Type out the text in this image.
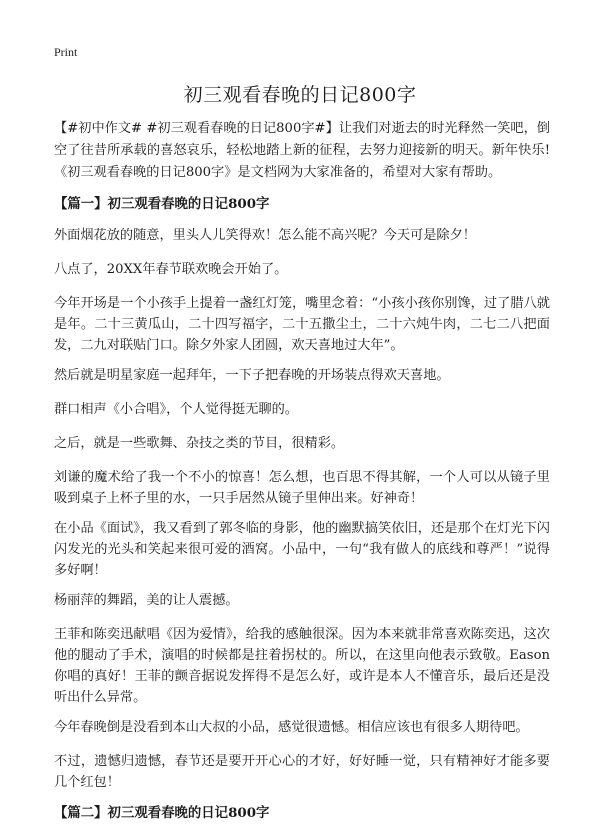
Print
初三观看春晚的日记800字

【#初中作文# #初三观看春晚的日记800字#】让我们对逝去的时光释然一笑吧，倒空了往昔所承载的喜怒哀乐，轻松地踏上新的征程，去努力迎接新的明天。新年快乐!《初三观看春晚的日记800字》是文档网为大家准备的，希望对大家有帮助。

【篇一】初三观看春晚的日记800字

外面烟花放的随意，里头人儿笑得欢！怎么能不高兴呢？今天可是除夕！

八点了，20XX年春节联欢晚会开始了。

今年开场是一个小孩手上提着一盏红灯笼，嘴里念着：“小孩小孩你别馋，过了腊八就是年。二十三黄瓜山，二十四写福字，二十五撒尘土，二十六炖牛肉，二七二八把面发，二九对联贴门口。除夕外家人团圆，欢天喜地过大年”。

然后就是明星家庭一起拜年，一下子把春晚的开场装点得欢天喜地。

群口相声《小合唱》，个人觉得挺无聊的。

之后，就是一些歌舞、杂技之类的节目，很精彩。

刘谦的魔术给了我一个不小的惊喜！怎么想，也百思不得其解，一个人可以从镜子里吸到桌子上杯子里的水，一只手居然从镜子里伸出来。好神奇！

在小品《面试》，我又看到了郭冬临的身影，他的幽默搞笑依旧，还是那个在灯光下闪闪发光的光头和笑起来很可爱的酒窝。小品中，一句“我有做人的底线和尊严！”说得多好啊！

杨丽萍的舞蹈，美的让人震撼。

王菲和陈奕迅献唱《因为爱情》，给我的感触很深。因为本来就非常喜欢陈奕迅，这次他的腿动了手术，演唱的时候都是拄着拐杖的。所以，在这里向他表示致敬。Eason你唱的真好！王菲的颤音据说发挥得不是怎么好，或许是本人不懂音乐，最后还是没听出什么异常。

今年春晚倒是没看到本山大叔的小品，感觉很遗憾。相信应该也有很多人期待吧。

不过，遗憾归遗憾，春节还是要开开心心的才好，好好睡一觉，只有精神好才能多要几个红包！

【篇二】初三观看春晚的日记800字
